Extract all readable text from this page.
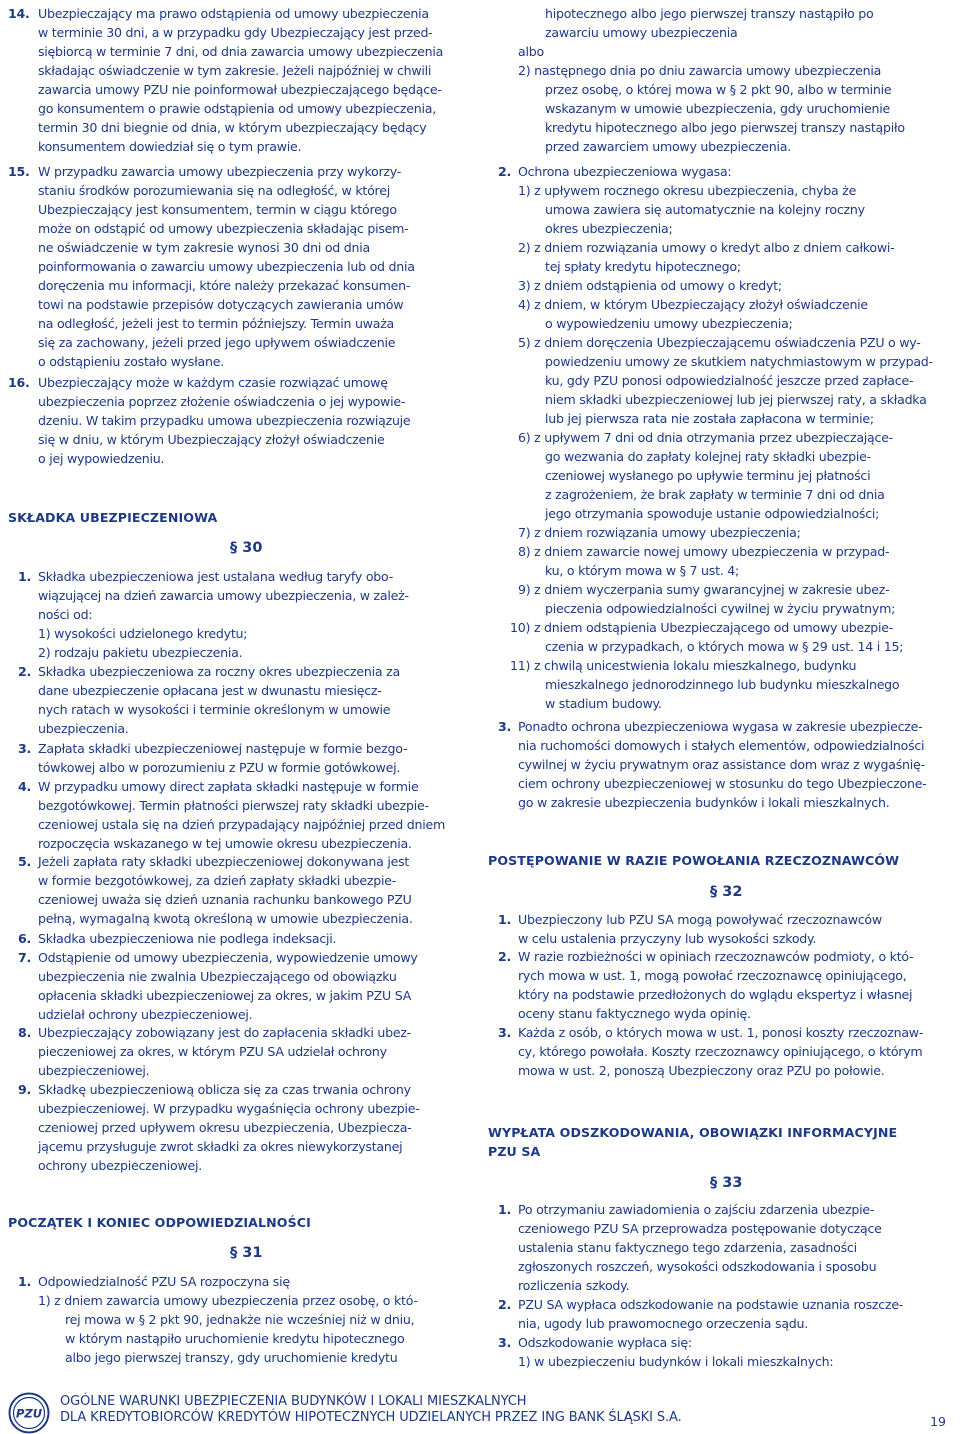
14. Ubezpieczający ma prawo odstąpienia od umowy ubezpieczenia
w terminie 30 dni, a w przypadku gdy Ubezpieczający jest przed-
siębiorcą w terminie 7 dni, od dnia zawarcia umowy ubezpieczenia
składając oświadczenie w tym zakresie. Jeżeli najpóźniej w chwili
zawarcia umowy PZU nie poinformował ubezpieczającego będące-
go konsumentem o prawie odstąpienia od umowy ubezpieczenia,
termin 30 dni biegnie od dnia, w którym ubezpieczający będący
konsumentem dowiedział się o tym prawie.
15. W przypadku zawarcia umowy ubezpieczenia przy wykorzy-
staniu środków porozumiewania się na odległość, w której
Ubezpieczający jest konsumentem, termin w ciągu którego
może on odstąpić od umowy ubezpieczenia składając pisem-
ne oświadczenie w tym zakresie wynosi 30 dni od dnia
poinformowania o zawarciu umowy ubezpieczenia lub od dnia
doręczenia mu informacji, które należy przekazać konsumen-
towi na podstawie przepisów dotyczących zawierania umów
na odległość, jeżeli jest to termin późniejszy. Termin uważa
się za zachowany, jeżeli przed jego upływem oświadczenie
o odstąpieniu zostało wysłane.
16. Ubezpieczający może w każdym czasie rozwiązać umowę
ubezpieczenia poprzez złożenie oświadczenia o jej wypowie-
dzeniu. W takim przypadku umowa ubezpieczenia rozwiązuje
się w dniu, w którym Ubezpieczający złożył oświadczenie
o jej wypowiedzeniu.
SKŁADKA UBEZPIECZENIOWA
§ 30
1. Składka ubezpieczeniowa jest ustalana według taryfy obo-
wiązującej na dzień zawarcia umowy ubezpieczenia, w zależ-
ności od:
1) wysokości udzielonego kredytu;
2) rodzaju pakietu ubezpieczenia.
2. Składka ubezpieczeniowa za roczny okres ubezpieczenia za
dane ubezpieczenie opłacana jest w dwunastu miesięcz-
nych ratach w wysokości i terminie określonym w umowie
ubezpieczenia.
3. Zapłata składki ubezpieczeniowej następuje w formie bezgo-
tówkowej albo w porozumieniu z PZU w formie gotówkowej.
4. W przypadku umowy direct zapłata składki następuje w formie
bezgotówkowej. Termin płatności pierwszej raty składki ubezpie-
czeniowej ustala się na dzień przypadający najpóźniej przed dniem
rozpoczęcia wskazanego w tej umowie okresu ubezpieczenia.
5. Jeżeli zapłata raty składki ubezpieczeniowej dokonywana jest
w formie bezgotówkowej, za dzień zapłaty składki ubezpie-
czeniowej uważa się dzień uznania rachunku bankowego PZU
pełną, wymagalną kwotą określoną w umowie ubezpieczenia.
6. Składka ubezpieczeniowa nie podlega indeksacji.
7. Odstąpienie od umowy ubezpieczenia, wypowiedzenie umowy
ubezpieczenia nie zwalnia Ubezpieczającego od obowiązku
opłacenia składki ubezpieczeniowej za okres, w jakim PZU SA
udzielał ochrony ubezpieczeniowej.
8. Ubezpieczający zobowiązany jest do zapłacenia składki ubez-
pieczeniowej za okres, w którym PZU SA udzielał ochrony
ubezpieczeniowej.
9. Składkę ubezpieczeniową oblicza się za czas trwania ochrony
ubezpieczeniowej. W przypadku wygaśnięcia ochrony ubezpie-
czeniowej przed upływem okresu ubezpieczenia, Ubezpiecza-
jącemu przysługuje zwrot składki za okres niewykorzystanej
ochrony ubezpieczeniowej.
POCZĄTEK I KONIEC ODPOWIEDZIALNOŚCI
§ 31
1. Odpowiedzialność PZU SA rozpoczyna się
1) z dniem zawarcia umowy ubezpieczenia przez osobę, o któ-
rej mowa w § 2 pkt 90, jednakże nie wcześniej niż w dniu,
w którym nastąpiło uruchomienie kredytu hipotecznego
albo jego pierwszej transzy, gdy uruchomienie kredytu
hipotecznego albo jego pierwszej transzy nastąpiło po
zawarciu umowy ubezpieczenia
albo
2) następnego dnia po dniu zawarcia umowy ubezpieczenia
przez osobę, o której mowa w § 2 pkt 90, albo w terminie
wskazanym w umowie ubezpieczenia, gdy uruchomienie
kredytu hipotecznego albo jego pierwszej transzy nastąpiło
przed zawarciem umowy ubezpieczenia.
2. Ochrona ubezpieczeniowa wygasa:
1) z upływem rocznego okresu ubezpieczenia, chyba że
umowa zawiera się automatycznie na kolejny roczny
okres ubezpieczenia;
2) z dniem rozwiązania umowy o kredyt albo z dniem całkowi-
tej spłaty kredytu hipotecznego;
3) z dniem odstąpienia od umowy o kredyt;
4) z dniem, w którym Ubezpieczający złożył oświadczenie
o wypowiedzeniu umowy ubezpieczenia;
5) z dniem doręczenia Ubezpieczającemu oświadczenia PZU o wy-
powiedzeniu umowy ze skutkiem natychmiastowym w przypad-
ku, gdy PZU ponosi odpowiedzialność jeszcze przed zapłace-
niem składki ubezpieczeniowej lub jej pierwszej raty, a składka
lub jej pierwsza rata nie została zapłacona w terminie;
6) z upływem 7 dni od dnia otrzymania przez ubezpieczające-
go wezwania do zapłaty kolejnej raty składki ubezpie-
czeniowej wysłanego po upływie terminu jej płatności
z zagrożeniem, że brak zapłaty w terminie 7 dni od dnia
jego otrzymania spowoduje ustanie odpowiedzialności;
7) z dniem rozwiązania umowy ubezpieczenia;
8) z dniem zawarcie nowej umowy ubezpieczenia w przypad-
ku, o którym mowa w § 7 ust. 4;
9) z dniem wyczerpania sumy gwarancyjnej w zakresie ubez-
pieczenia odpowiedzialności cywilnej w życiu prywatnym;
10) z dniem odstąpienia Ubezpieczającego od umowy ubezpie-
czenia w przypadkach, o których mowa w § 29 ust. 14 i 15;
11) z chwilą unicestwienia lokalu mieszkalnego, budynku
mieszkalnego jednorodzinnego lub budynku mieszkalnego
w stadium budowy.
3. Ponadto ochrona ubezpieczeniowa wygasa w zakresie ubezpiecze-
nia ruchomości domowych i stałych elementów, odpowiedzialności
cywilnej w życiu prywatnym oraz assistance dom wraz z wygaśnię-
ciem ochrony ubezpieczeniowej w stosunku do tego Ubezpieczone-
go w zakresie ubezpieczenia budynków i lokali mieszkalnych.
POSTĘPOWANIE W RAZIE POWOŁANIA RZECZOZNAWCÓW
§ 32
1. Ubezpieczony lub PZU SA mogą powoływać rzeczoznawców
w celu ustalenia przyczyny lub wysokości szkody.
2. W razie rozbieżności w opiniach rzeczoznawców podmioty, o któ-
rych mowa w ust. 1, mogą powołać rzeczoznawcę opiniującego,
który na podstawie przedłożonych do wglądu ekspertyz i własnej
oceny stanu faktycznego wyda opinię.
3. Każda z osób, o których mowa w ust. 1, ponosi koszty rzeczoznaw-
cy, którego powołała. Koszty rzeczoznawcy opiniującego, o którym
mowa w ust. 2, ponoszą Ubezpieczony oraz PZU po połowie.
WYPŁATA ODSZKODOWANIA, OBOWIĄZKI INFORMACYJNE
PZU SA
§ 33
1. Po otrzymaniu zawiadomienia o zajściu zdarzenia ubezpie-
czeniowego PZU SA przeprowadza postępowanie dotyczące
ustalenia stanu faktycznego tego zdarzenia, zasadności
zgłoszonych roszczeń, wysokości odszkodowania i sposobu
rozliczenia szkody.
2. PZU SA wypłaca odszkodowanie na podstawie uznania roszcze-
nia, ugody lub prawomocnego orzeczenia sądu.
3. Odszkodowanie wypłaca się:
1) w ubezpieczeniu budynków i lokali mieszkalnych:
PZU
OGÓLNE WARUNKI UBEZPIECZENIA BUDYNKÓW I LOKALI MIESZKALNYCH
DLA KREDYTOBIORCÓW KREDYTÓW HIPOTECZNYCH UDZIELANYCH PRZEZ ING BANK ŚLĄSKI S.A.	19
